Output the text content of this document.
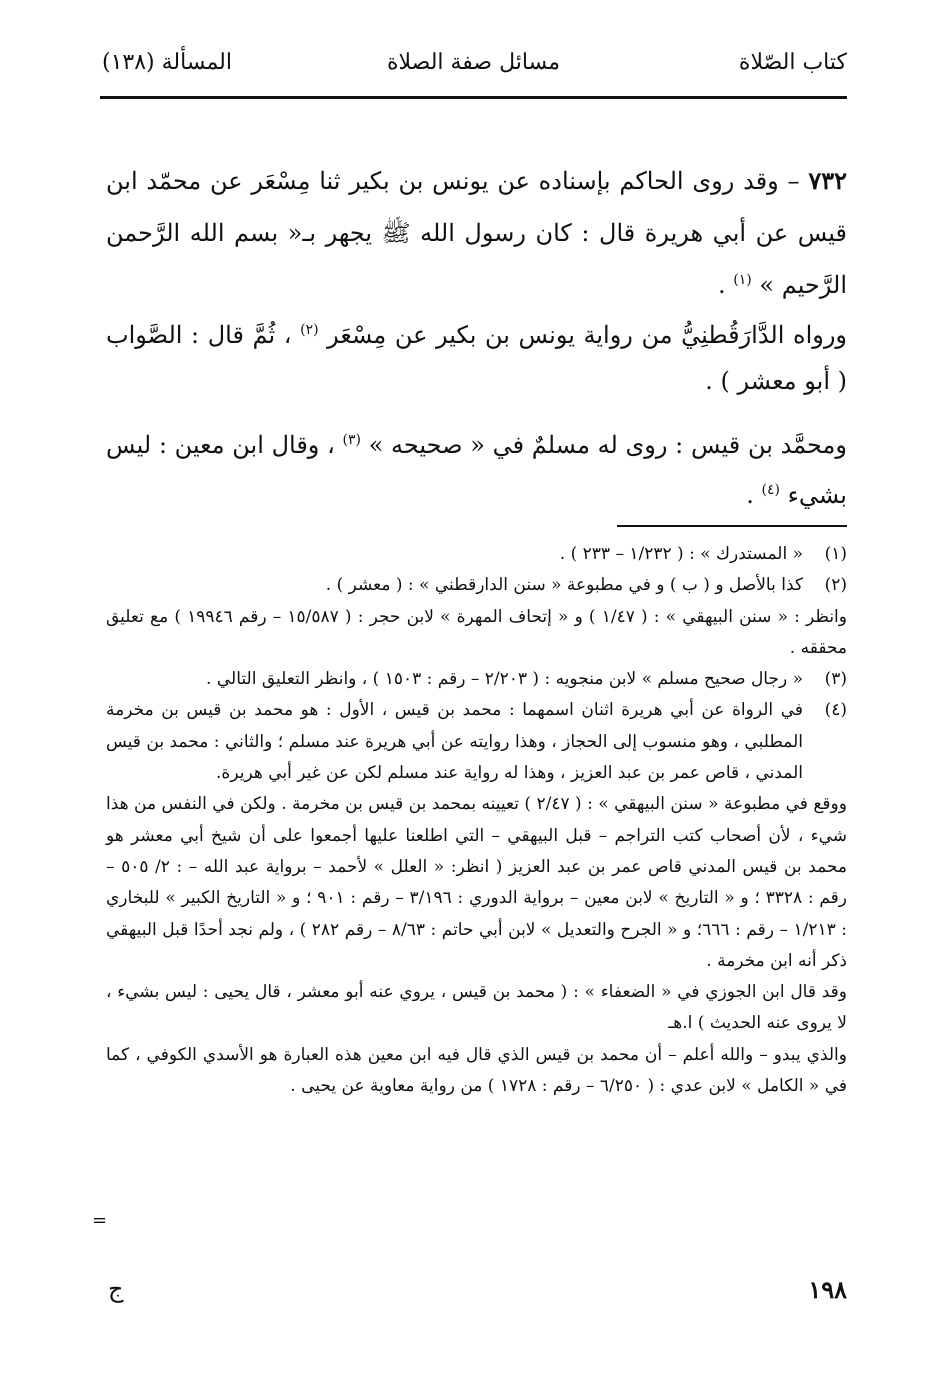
كتاب الصّلاة
مسائل صفة الصلاة
المسألة (١٣٨)
٧٣٢ – وقد روى الحاكم بإسناده عن يونس بن بكير ثنا مِسْعَر عن محمّد ابن قيس عن أبي هريرة قال : كان رسول الله ﷺ يجهر بـ« بسم الله الرَّحمن الرَّحيم » $^{(١)}$ .
ورواه الدَّارَقُطنِيُّ من رواية يونس بن بكير عن مِسْعَر $^{(٢)}$ ، ثُمَّ قال : الصَّواب ( أبو معشر ) .
ومحمَّد بن قيس : روى له مسلمٌ في « صحيحه » $^{(٣)}$ ، وقال ابن معين : ليس بشيء $^{(٤)}$ .
(١)
« المستدرك » : ( ١/٢٣٢ – ٢٣٣ ) .
(٢)
كذا بالأصل و ( ب ) و في مطبوعة « سنن الدارقطني » : ( معشر ) .
وانظر : « سنن البيهقي » : ( ١/٤٧ ) و « إتحاف المهرة » لابن حجر : ( ١٥/٥٨٧ – رقم ١٩٩٤٦ ) مع تعليق محققه .
(٣)
« رجال صحيح مسلم » لابن منجويه : ( ٢/٢٠٣ – رقم : ١٥٠٣ ) ، وانظر التعليق التالي .
(٤)
في الرواة عن أبي هريرة اثنان اسمهما : محمد بن قيس ، الأول : هو محمد بن قيس بن مخرمة المطلبي ، وهو منسوب إلى الحجاز ، وهذا روايته عن أبي هريرة عند مسلم ؛ والثاني : محمد بن قيس المدني ، قاص عمر بن عبد العزيز ، وهذا له رواية عند مسلم لكن عن غير أبي هريرة.
ووقع في مطبوعة « سنن البيهقي » : ( ٢/٤٧ ) تعيينه بمحمد بن قيس بن مخرمة . ولكن في النفس من هذا شيء ، لأن أصحاب كتب التراجم – قبل البيهقي – التي اطلعنا عليها أجمعوا على أن شيخ أبي معشر هو محمد بن قيس المدني قاص عمر بن عبد العزيز ( انظر: « العلل » لأحمد – برواية عبد الله – : ٢/ ٥٠٥ – رقم : ٣٣٢٨ ؛ و « التاريخ » لابن معين – برواية الدوري : ٣/١٩٦ – رقم : ٩٠١ ؛ و « التاريخ الكبير » للبخاري : ١/٢١٣ – رقم : ٦٦٦؛ و « الجرح والتعديل » لابن أبي حاتم : ٨/٦٣ – رقم ٢٨٢ ) ، ولم نجد أحدًا قبل البيهقي ذكر أنه ابن مخرمة .
وقد قال ابن الجوزي في « الضعفاء » : ( محمد بن قيس ، يروي عنه أبو معشر ، قال يحيى : ليس بشيء ، لا يروى عنه الحديث ) ا.هـ
والذي يبدو – والله أعلم – أن محمد بن قيس الذي قال فيه ابن معين هذه العبارة هو الأسدي الكوفي ، كما في « الكامل » لابن عدي : ( ٦/٢٥٠ – رقم : ١٧٢٨ ) من رواية معاوية عن يحيى .
=
ج	١٩٨
